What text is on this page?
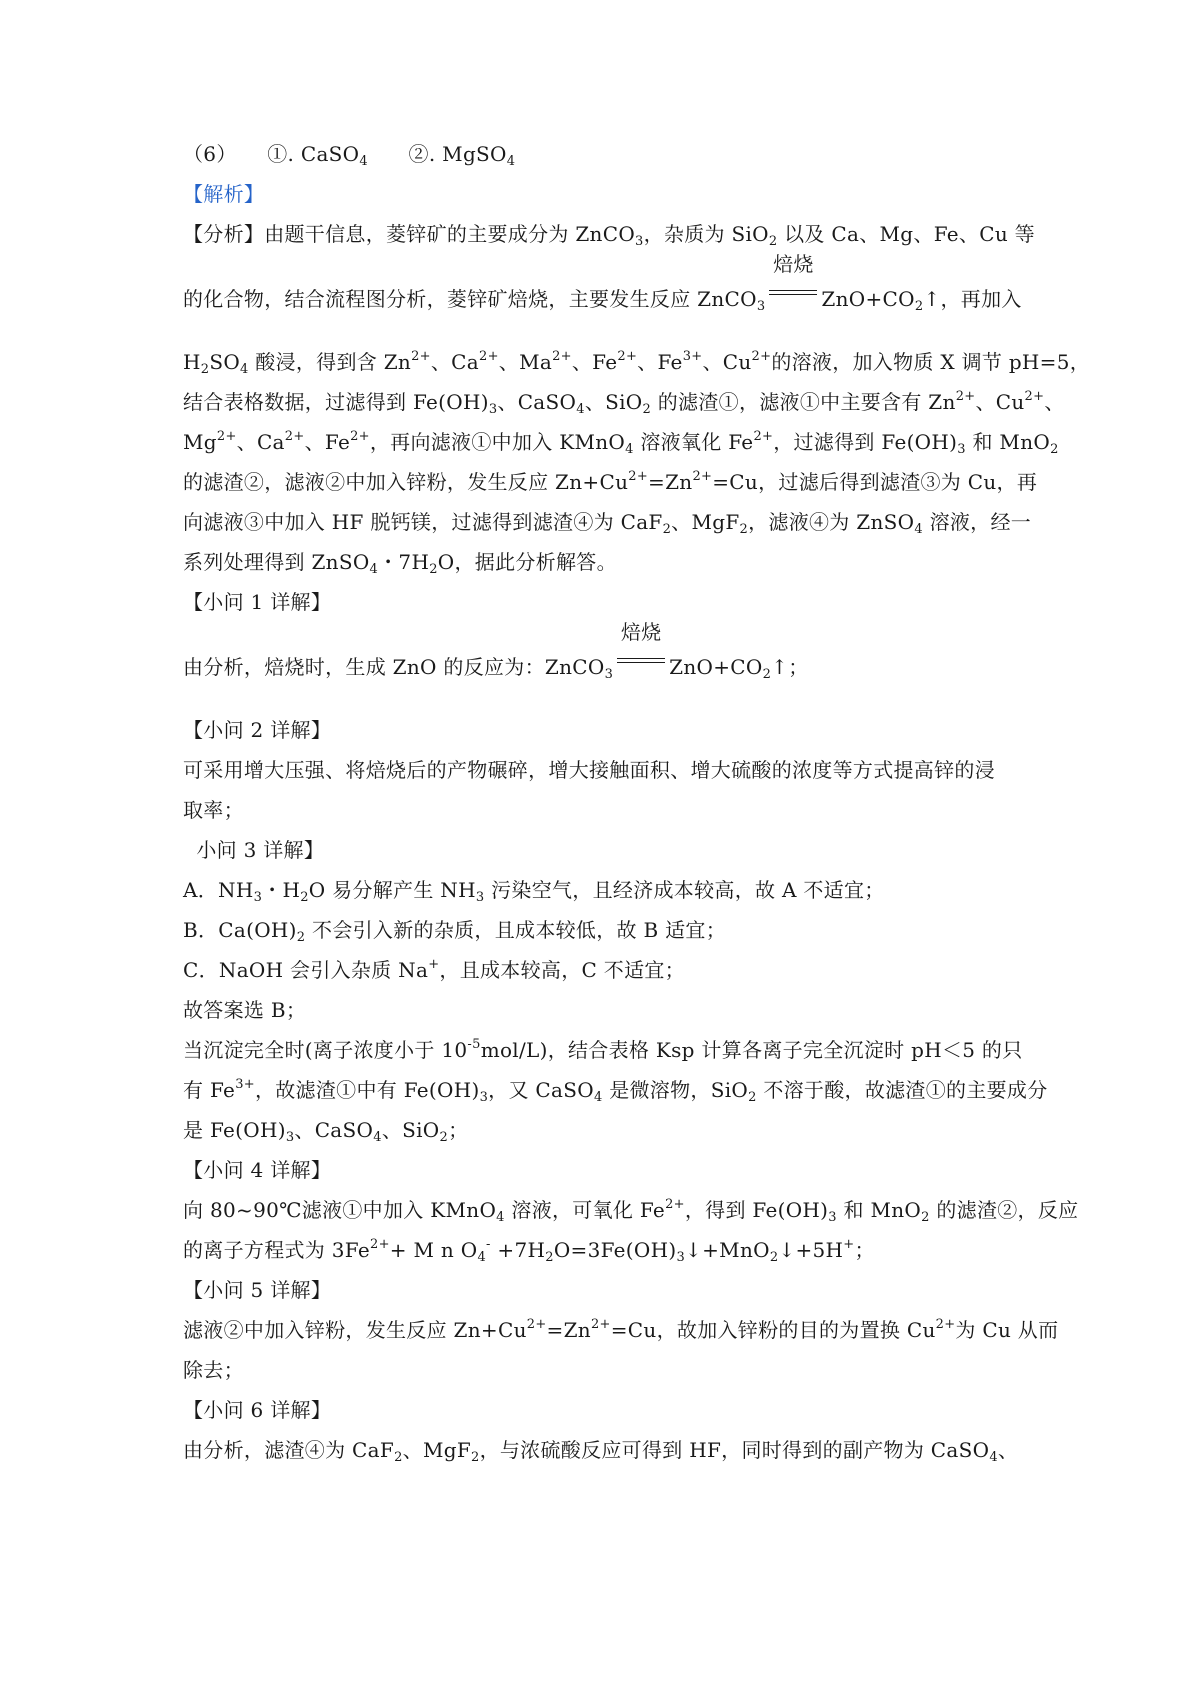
（6）　　①. CaSO$_4$　　②. MgSO$_4$
【解析】
【分析】由题干信息，菱锌矿的主要成分为 ZnCO$_3$，杂质为 SiO$_2$ 以及 Ca、Mg、Fe、Cu 等
的化合物，结合流程图分析，菱锌矿焙烧，主要发生反应 ZnCO$_3$
焙烧
$ZnO+CO_2↑$，再加入
$H_2SO_4$ 酸浸，得到含 $Zn^{2+}$、$Ca^{2+}$、$Ma^{2+}$、$Fe^{2+}$、$Fe^{3+}$、$Cu^{2+}$的溶液，加入物质 X 调节 pH=5，
结合表格数据，过滤得到 $Fe(OH)_3$、CaSO$_4$、SiO$_2$ 的滤渣①，滤液①中主要含有 $Zn^{2+}$、$Cu^{2+}$、
$Mg^{2+}$、$Ca^{2+}$、$Fe^{2+}$，再向滤液①中加入 KMnO$_4$ 溶液氧化 $Fe^{2+}$，过滤得到 $Fe(OH)_3$ 和 MnO$_2$
的滤渣②，滤液②中加入锌粉，发生反应 $Zn+Cu^{2+}=Zn^{2+}=Cu$，过滤后得到滤渣③为 Cu，再
向滤液③中加入 HF 脱钙镁，过滤得到滤渣④为 CaF$_2$、MgF$_2$，滤液④为 ZnSO$_4$ 溶液，经一
系列处理得到 ZnSO$_4$・$7H_2O$，据此分析解答。
【小问 1 详解】
由分析，焙烧时，生成 ZnO 的反应为：ZnCO$_3$
焙烧
$ZnO+CO_2↑$；
【小问 2 详解】
可采用增大压强、将焙烧后的产物碾碎，增大接触面积、增大硫酸的浓度等方式提高锌的浸
取率；
小问 3 详解】
A．$NH_3$・$H_2O$ 易分解产生 $NH_3$ 污染空气，且经济成本较高，故 A 不适宜；
B．$Ca(OH)_2$ 不会引入新的杂质，且成本较低，故 B 适宜；
C．NaOH 会引入杂质 Na+，且成本较高，C 不适宜；
故答案选 B；
当沉淀完全时(离子浓度小于 $10^{-5}mol/L$)，结合表格 Ksp 计算各离子完全沉淀时 pH＜5 的只
有 $Fe^{3+}$，故滤渣①中有 $Fe(OH)_3$，又 CaSO$_4$ 是微溶物，SiO$_2$ 不溶于酸，故滤渣①的主要成分
是 $Fe(OH)_3$、CaSO$_4$、SiO$_2$；
【小问 4 详解】
向 80~90℃滤液①中加入 KMnO$_4$ 溶液，可氧化 $Fe^{2+}$，得到 $Fe(OH)_3$ 和 MnO$_2$ 的滤渣②，反应
的离子方程式为 $3Fe^{2+}+ M$ n $O_4^-$ $+7H_2O=3Fe(OH)_3↓+MnO_2↓+5H^+$；
【小问 5 详解】
滤液②中加入锌粉，发生反应 $Zn+Cu^{2+}=Zn^{2+}=Cu$，故加入锌粉的目的为置换 $Cu^{2+}$为 Cu 从而
除去；
【小问 6 详解】
由分析，滤渣④为 CaF$_2$、MgF$_2$，与浓硫酸反应可得到 HF，同时得到的副产物为 CaSO$_4$、
